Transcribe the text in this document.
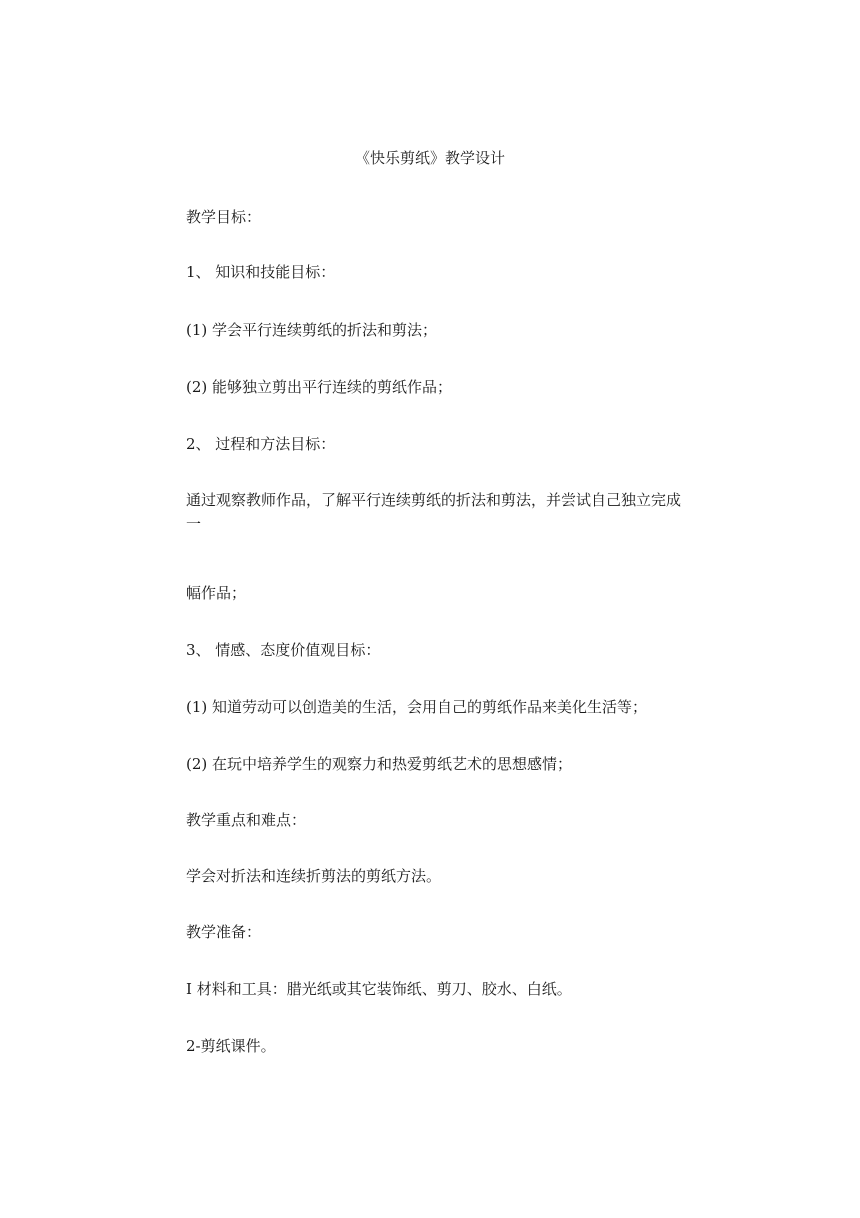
《快乐剪纸》教学设计
教学目标：
1、 知识和技能目标：
(1) 学会平行连续剪纸的折法和剪法；
(2) 能够独立剪出平行连续的剪纸作品；
2、 过程和方法目标：
通过观察教师作品，了解平行连续剪纸的折法和剪法，并尝试自己独立完成一
幅作品；
3、 情感、态度价值观目标：
(1) 知道劳动可以创造美的生活，会用自己的剪纸作品来美化生活等；
(2) 在玩中培养学生的观察力和热爱剪纸艺术的思想感情；
教学重点和难点：
学会对折法和连续折剪法的剪纸方法。
教学准备：
I 材料和工具：腊光纸或其它装饰纸、剪刀、胶水、白纸。
2-剪纸课件。
